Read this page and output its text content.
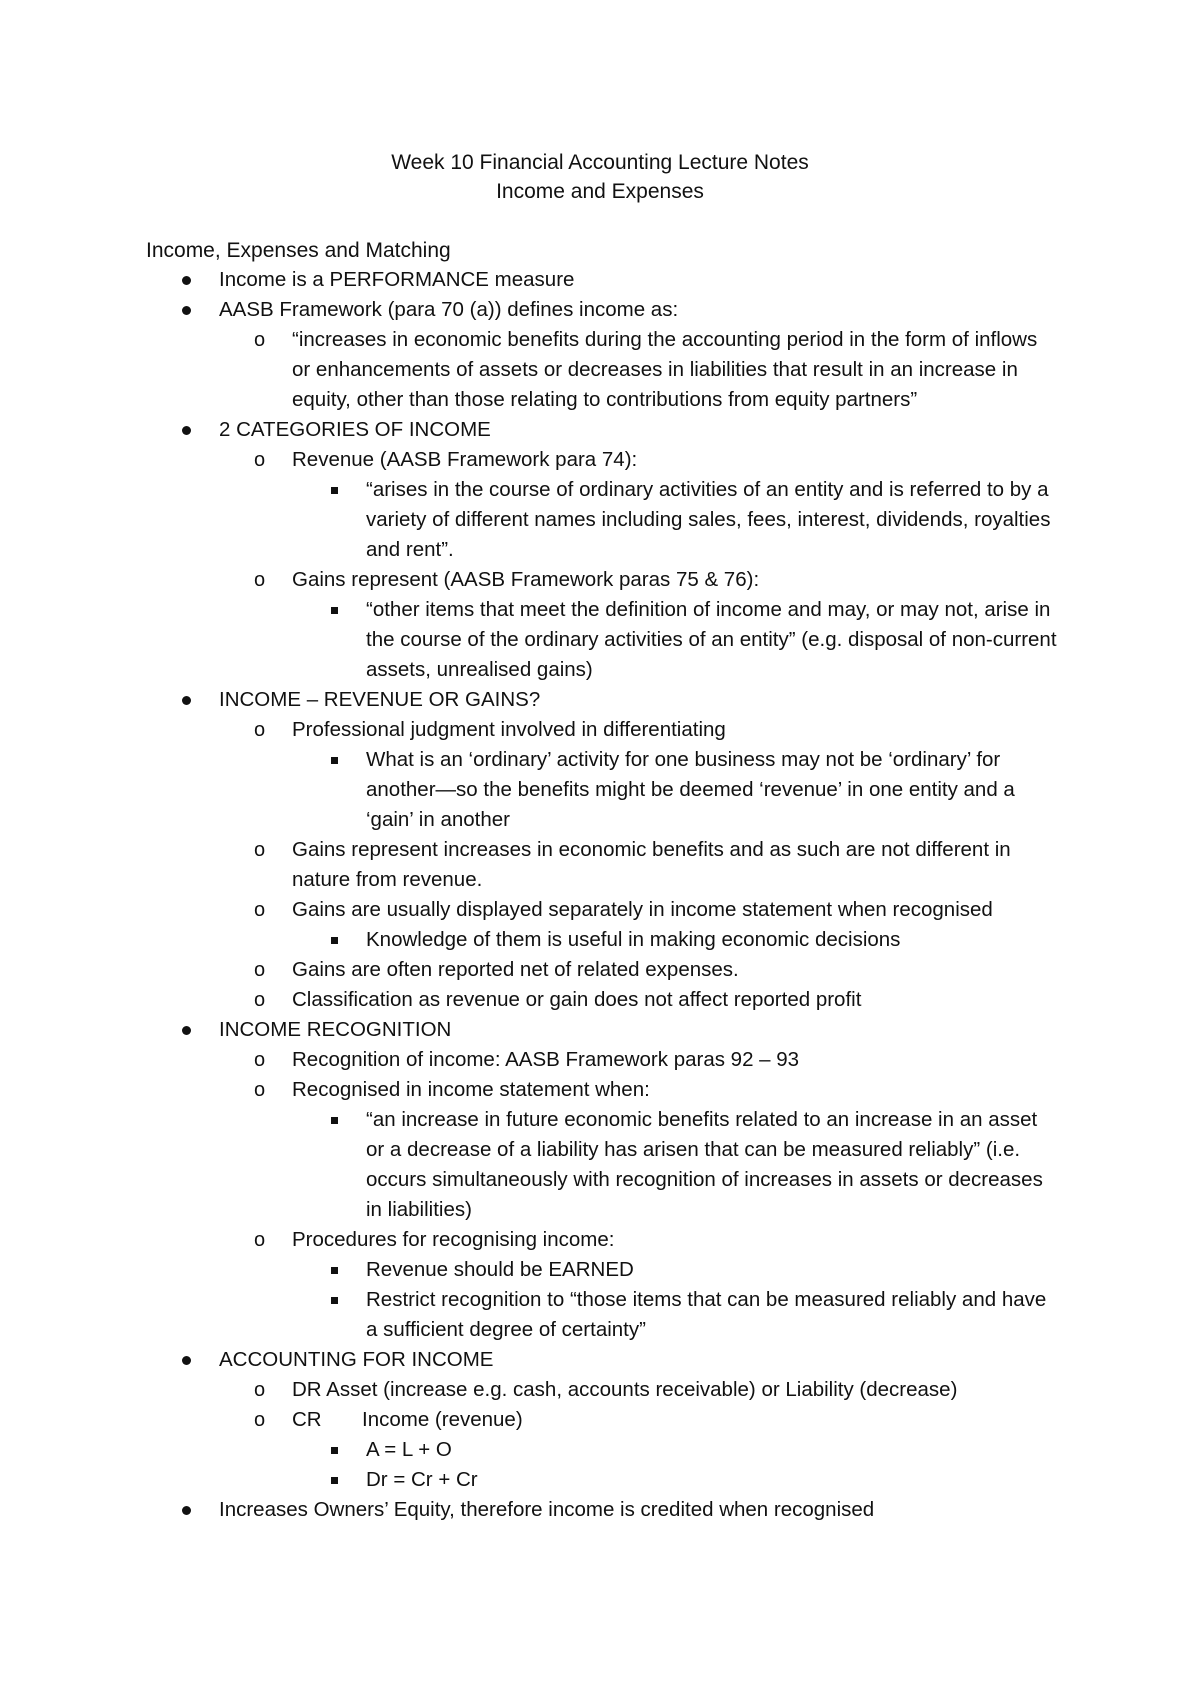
Week 10 Financial Accounting Lecture Notes
Income and Expenses
Income, Expenses and Matching
Income is a PERFORMANCE measure
AASB Framework (para 70 (a)) defines income as:
o “increases in economic benefits during the accounting period in the form of inflows or enhancements of assets or decreases in liabilities that result in an increase in equity, other than those relating to contributions from equity partners”
2 CATEGORIES OF INCOME
o Revenue (AASB Framework para 74):
“arises in the course of ordinary activities of an entity and is referred to by a variety of different names including sales, fees, interest, dividends, royalties and rent”.
o Gains represent (AASB Framework paras 75 & 76):
“other items that meet the definition of income and may, or may not, arise in the course of the ordinary activities of an entity” (e.g. disposal of non-current assets, unrealised gains)
INCOME – REVENUE OR GAINS?
o Professional judgment involved in differentiating
What is an ‘ordinary’ activity for one business may not be ‘ordinary’ for another—so the benefits might be deemed ‘revenue’ in one entity and a ‘gain’ in another
o Gains represent increases in economic benefits and as such are not different in nature from revenue.
o Gains are usually displayed separately in income statement when recognised
Knowledge of them is useful in making economic decisions
o Gains are often reported net of related expenses.
o Classification as revenue or gain does not affect reported profit
INCOME RECOGNITION
o Recognition of income: AASB Framework paras 92 – 93
o Recognised in income statement when:
“an increase in future economic benefits related to an increase in an asset or a decrease of a liability has arisen that can be measured reliably” (i.e. occurs simultaneously with recognition of increases in assets or decreases in liabilities)
o Procedures for recognising income:
Revenue should be EARNED
Restrict recognition to “those items that can be measured reliably and have a sufficient degree of certainty”
ACCOUNTING FOR INCOME
o DR Asset (increase e.g. cash, accounts receivable) or Liability (decrease)
o CR Income (revenue)
A = L + O
Dr = Cr + Cr
Increases Owners’ Equity, therefore income is credited when recognised
